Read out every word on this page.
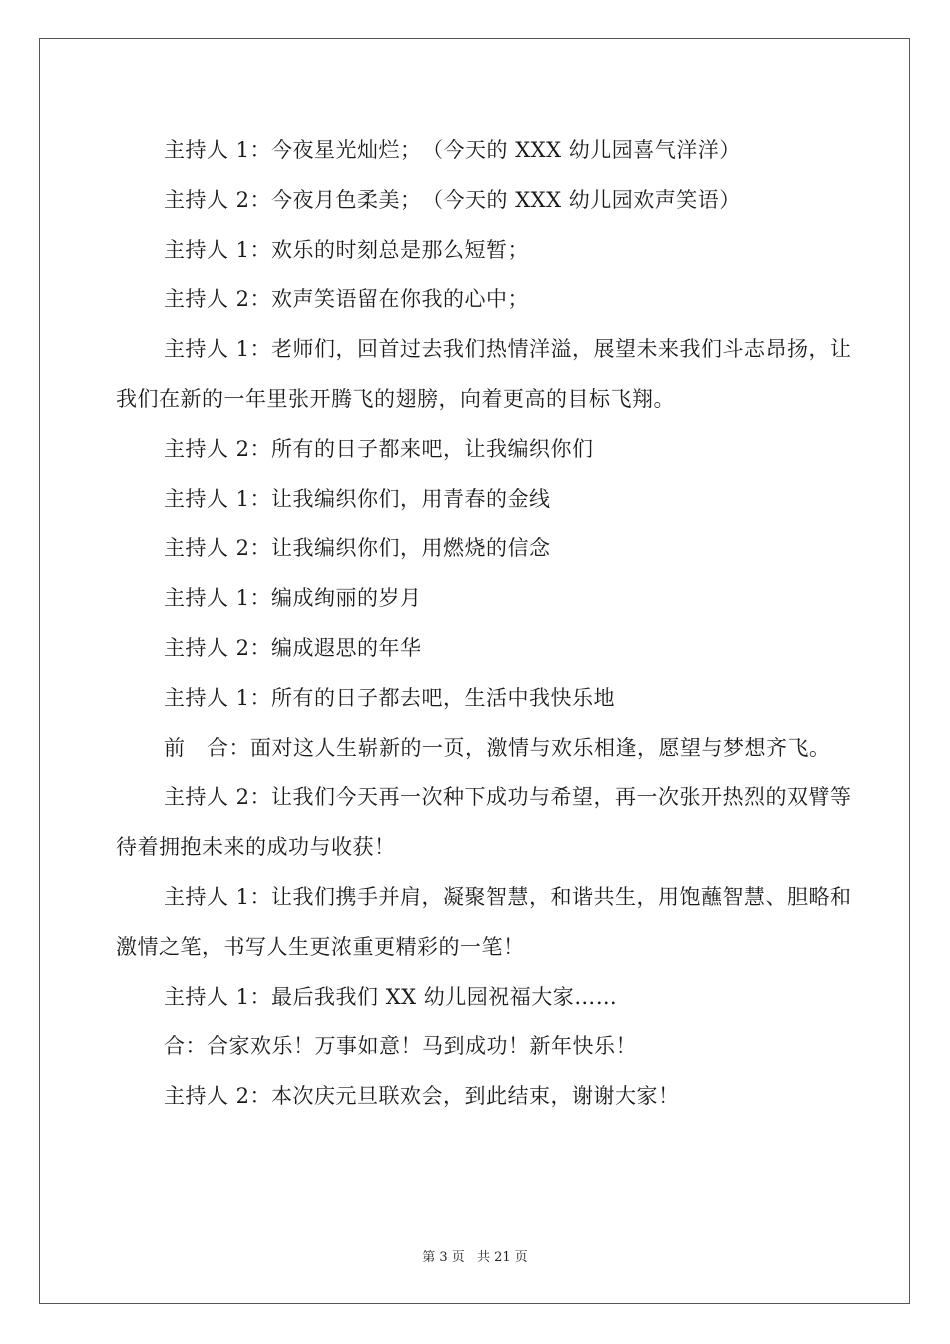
主持人 1：今夜星光灿烂；　（今天的 XXX 幼儿园喜气洋洋）

主持人 2：今夜月色柔美；　（今天的 XXX 幼儿园欢声笑语）

主持人 1：欢乐的时刻总是那么短暂；

主持人 2：欢声笑语留在你我的心中；

主持人 1：老师们，回首过去我们热情洋溢，展望未来我们斗志昂扬，让我们在新的一年里张开腾飞的翅膀，向着更高的目标飞翔。

主持人 2：所有的日子都来吧，让我编织你们

主持人 1：让我编织你们，用青春的金线

主持人 2：让我编织你们，用燃烧的信念

主持人 1：编成绚丽的岁月

主持人 2：编成遐思的年华

主持人 1：所有的日子都去吧，生活中我快乐地

前　合：面对这人生崭新的一页，激情与欢乐相逢，愿望与梦想齐飞。

主持人 2：让我们今天再一次种下成功与希望，再一次张开热烈的双臂等待着拥抱未来的成功与收获！

主持人 1：让我们携手并肩，凝聚智慧，和谐共生，用饱蘸智慧、胆略和激情之笔，书写人生更浓重更精彩的一笔！

主持人 1：最后我我们 XX 幼儿园祝福大家……

合：合家欢乐！万事如意！马到成功！新年快乐！

主持人 2：本次庆元旦联欢会，到此结束，谢谢大家！

第 3 页 共 21 页
